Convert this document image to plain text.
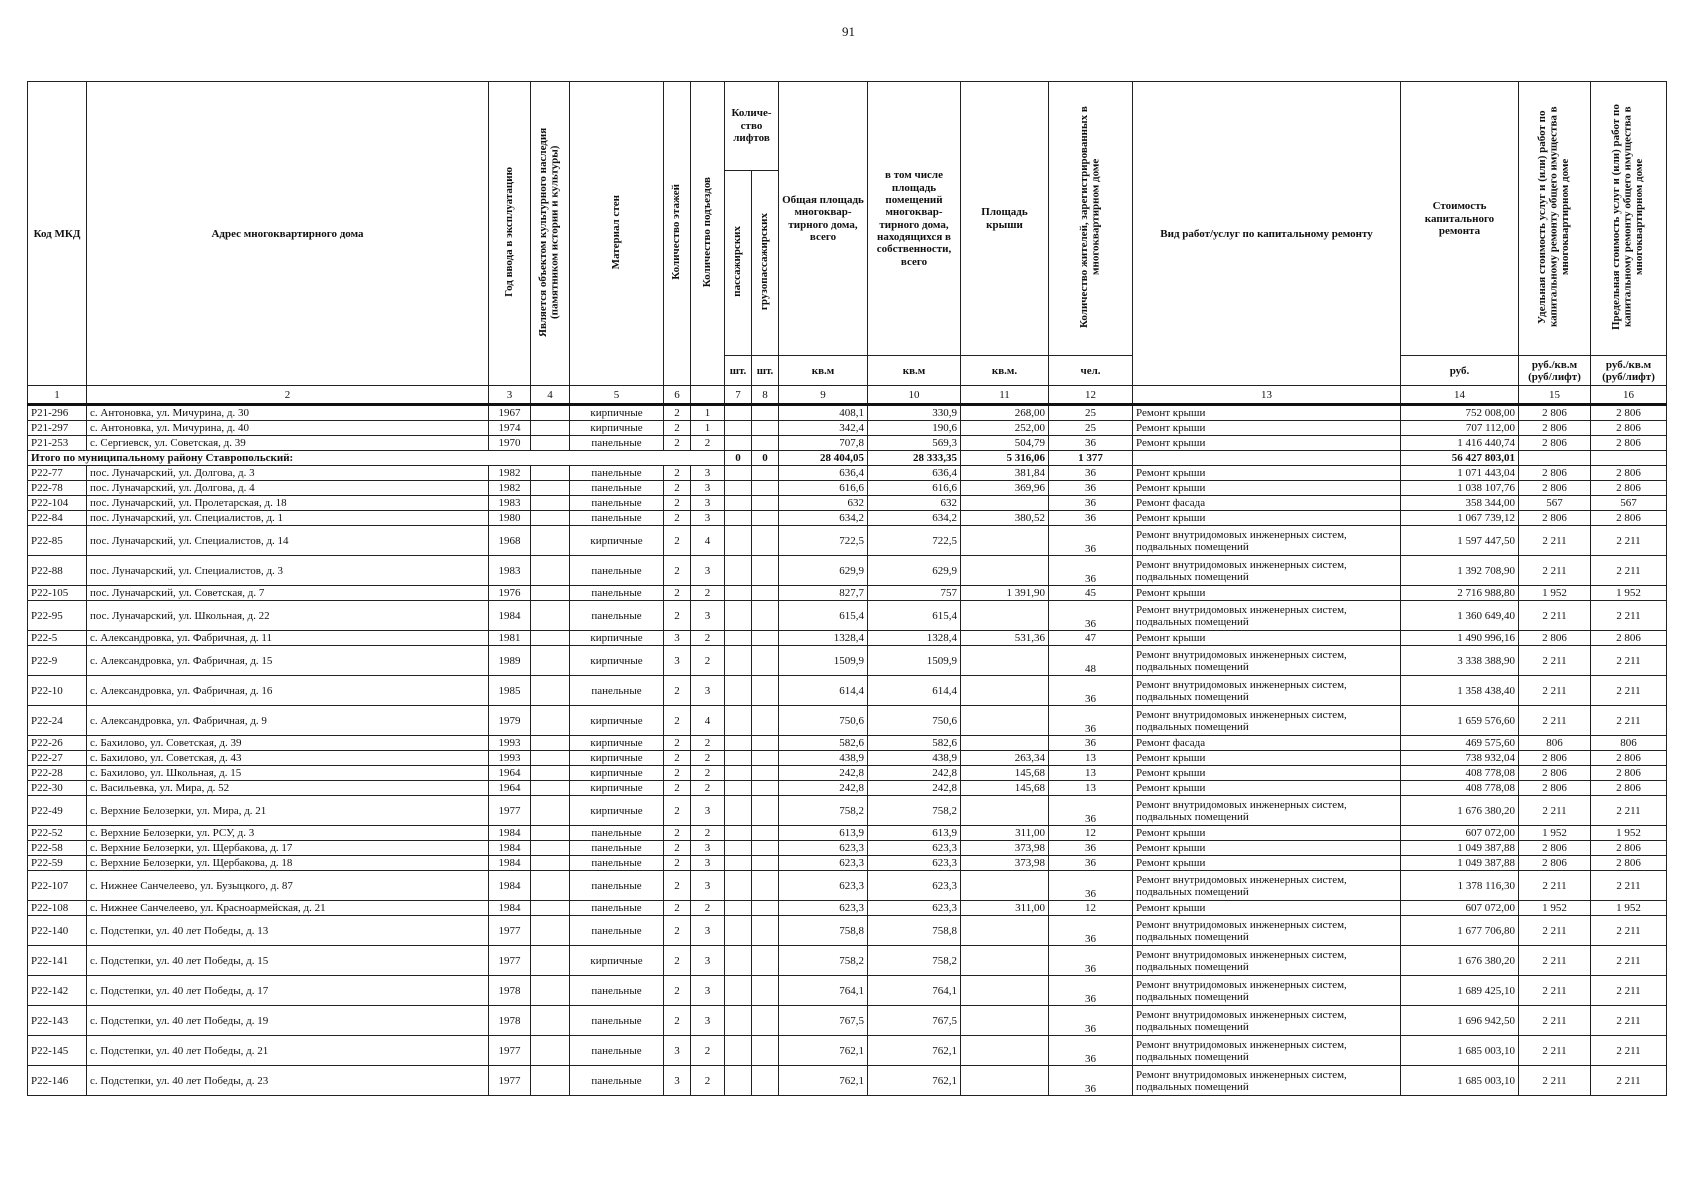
91
Код МКД	Адрес многоквартирного дома	Год ввода в эксплуатацию	Является объектом культурного наследия (памятником истории и культуры)	Материал стен	Количество этажей	Количество подъездов	Количе-ство лифтов		Общая площадь многоквар-тирного дома, всего	в том числе площадь помещений многоквар-тирного дома, находящихся в собственности, всего	Площадь крыши	Количество жителей, зарегистрированных в многоквартирном доме	Вид работ/услуг по капитальному ремонту	Стоимость капитального ремонта	Удельная стоимость услуг и (или) работ по капитальному ремонту общего имущества в многоквартирном доме	Предельная стоимость услуг и (или) работ по капитальному ремонту общего имущества в многоквартирном доме
							пассажирских	грузопассажирских								
							шт.	шт.	кв.м	кв.м	кв.м.	чел.		руб.	руб./кв.м (руб/лифт)	руб./кв.м (руб/лифт)
1	2	3	4	5	6		7	8	9	10	11	12	13	14	15	16
P21-296	с. Антоновка, ул. Мичурина, д. 30	1967		кирпичные	2	1			408,1	330,9	268,00	25	Ремонт крыши	752 008,00	2 806	2 806
P21-297	с. Антоновка, ул. Мичурина, д. 40	1974		кирпичные	2	1			342,4	190,6	252,00	25	Ремонт крыши	707 112,00	2 806	2 806
P21-253	с. Сергиевск, ул. Советская, д. 39	1970		панельные	2	2			707,8	569,3	504,79	36	Ремонт крыши	1 416 440,74	2 806	2 806
Итого по муниципальному району Ставропольский:							0	0	28 404,05	28 333,35	5 316,06	1 377		56 427 803,01		
P22-77	пос. Луначарский, ул. Долгова, д. 3	1982		панельные	2	3			636,4	636,4	381,84	36	Ремонт крыши	1 071 443,04	2 806	2 806
P22-78	пос. Луначарский, ул. Долгова, д. 4	1982		панельные	2	3			616,6	616,6	369,96	36	Ремонт крыши	1 038 107,76	2 806	2 806
P22-104	пос. Луначарский, ул. Пролетарская, д. 18	1983		панельные	2	3			632	632		36	Ремонт фасада	358 344,00	567	567
P22-84	пос. Луначарский, ул. Специалистов, д. 1	1980		панельные	2	3			634,2	634,2	380,52	36	Ремонт крыши	1 067 739,12	2 806	2 806
P22-85	пос. Луначарский, ул. Специалистов, д. 14	1968		кирпичные	2	4			722,5	722,5		36	Ремонт внутридомовых инженерных систем, подвальных помещений	1 597 447,50	2 211	2 211
P22-88	пос. Луначарский, ул. Специалистов, д. 3	1983		панельные	2	3			629,9	629,9		36	Ремонт внутридомовых инженерных систем, подвальных помещений	1 392 708,90	2 211	2 211
P22-105	пос. Луначарский, ул. Советская, д. 7	1976		панельные	2	2			827,7	757	1 391,90	45	Ремонт крыши	2 716 988,80	1 952	1 952
P22-95	пос. Луначарский, ул. Школьная, д. 22	1984		панельные	2	3			615,4	615,4		36	Ремонт внутридомовых инженерных систем, подвальных помещений	1 360 649,40	2 211	2 211
P22-5	с. Александровка, ул. Фабричная, д. 11	1981		кирпичные	3	2			1328,4	1328,4	531,36	47	Ремонт крыши	1 490 996,16	2 806	2 806
P22-9	с. Александровка, ул. Фабричная, д. 15	1989		кирпичные	3	2			1509,9	1509,9		48	Ремонт внутридомовых инженерных систем, подвальных помещений	3 338 388,90	2 211	2 211
P22-10	с. Александровка, ул. Фабричная, д. 16	1985		панельные	2	3			614,4	614,4		36	Ремонт внутридомовых инженерных систем, подвальных помещений	1 358 438,40	2 211	2 211
P22-24	с. Александровка, ул. Фабричная, д. 9	1979		кирпичные	2	4			750,6	750,6		36	Ремонт внутридомовых инженерных систем, подвальных помещений	1 659 576,60	2 211	2 211
P22-26	с. Бахилово, ул. Советская, д. 39	1993		кирпичные	2	2			582,6	582,6		36	Ремонт фасада	469 575,60	806	806
P22-27	с. Бахилово, ул. Советская, д. 43	1993		кирпичные	2	2			438,9	438,9	263,34	13	Ремонт крыши	738 932,04	2 806	2 806
P22-28	с. Бахилово, ул. Школьная, д. 15	1964		кирпичные	2	2			242,8	242,8	145,68	13	Ремонт крыши	408 778,08	2 806	2 806
P22-30	с. Васильевка, ул. Мира, д. 52	1964		кирпичные	2	2			242,8	242,8	145,68	13	Ремонт крыши	408 778,08	2 806	2 806
P22-49	с. Верхние Белозерки, ул. Мира, д. 21	1977		кирпичные	2	3			758,2	758,2		36	Ремонт внутридомовых инженерных систем, подвальных помещений	1 676 380,20	2 211	2 211
P22-52	с. Верхние Белозерки, ул. РСУ, д. 3	1984		панельные	2	2			613,9	613,9	311,00	12	Ремонт крыши	607 072,00	1 952	1 952
P22-58	с. Верхние Белозерки, ул. Щербакова, д. 17	1984		панельные	2	3			623,3	623,3	373,98	36	Ремонт крыши	1 049 387,88	2 806	2 806
P22-59	с. Верхние Белозерки, ул. Щербакова, д. 18	1984		панельные	2	3			623,3	623,3	373,98	36	Ремонт крыши	1 049 387,88	2 806	2 806
P22-107	с. Нижнее Санчелеево, ул. Бузыцкого, д. 87	1984		панельные	2	3			623,3	623,3		36	Ремонт внутридомовых инженерных систем, подвальных помещений	1 378 116,30	2 211	2 211
P22-108	с. Нижнее Санчелеево, ул. Красноармейская, д. 21	1984		панельные	2	2			623,3	623,3	311,00	12	Ремонт крыши	607 072,00	1 952	1 952
P22-140	с. Подстепки, ул. 40 лет Победы, д. 13	1977		панельные	2	3			758,8	758,8		36	Ремонт внутридомовых инженерных систем, подвальных помещений	1 677 706,80	2 211	2 211
P22-141	с. Подстепки, ул. 40 лет Победы, д. 15	1977		кирпичные	2	3			758,2	758,2		36	Ремонт внутридомовых инженерных систем, подвальных помещений	1 676 380,20	2 211	2 211
P22-142	с. Подстепки, ул. 40 лет Победы, д. 17	1978		панельные	2	3			764,1	764,1		36	Ремонт внутридомовых инженерных систем, подвальных помещений	1 689 425,10	2 211	2 211
P22-143	с. Подстепки, ул. 40 лет Победы, д. 19	1978		панельные	2	3			767,5	767,5		36	Ремонт внутридомовых инженерных систем, подвальных помещений	1 696 942,50	2 211	2 211
P22-145	с. Подстепки, ул. 40 лет Победы, д. 21	1977		панельные	3	2			762,1	762,1		36	Ремонт внутридомовых инженерных систем, подвальных помещений	1 685 003,10	2 211	2 211
P22-146	с. Подстепки, ул. 40 лет Победы, д. 23	1977		панельные	3	2			762,1	762,1		36	Ремонт внутридомовых инженерных систем, подвальных помещений	1 685 003,10	2 211	2 211
